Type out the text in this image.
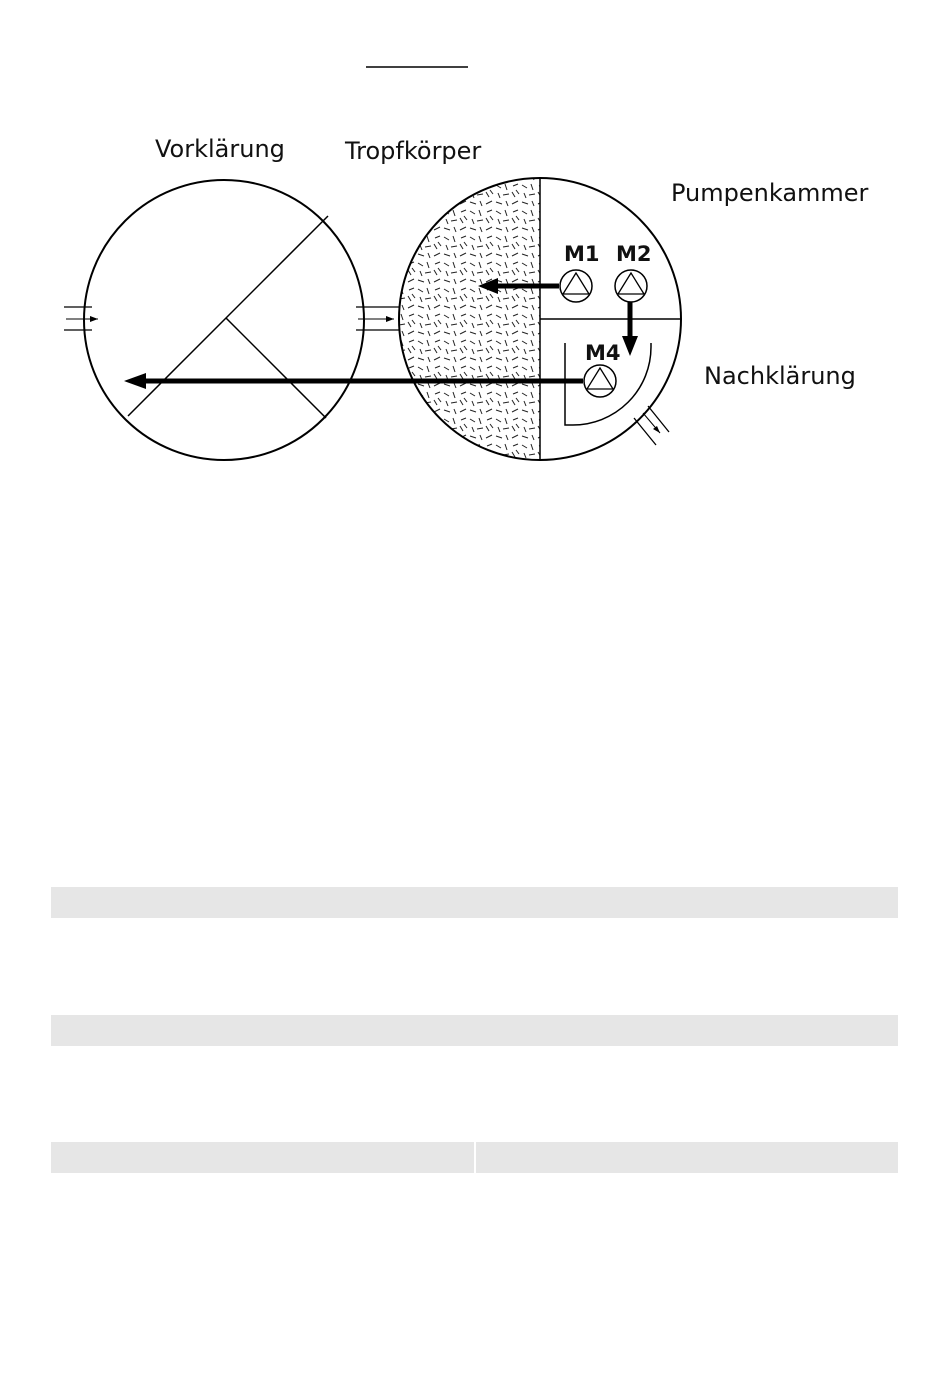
M1 M2
M4
Vorklärung	Tropfkörper
Pumpenkammer
Nachklärung
